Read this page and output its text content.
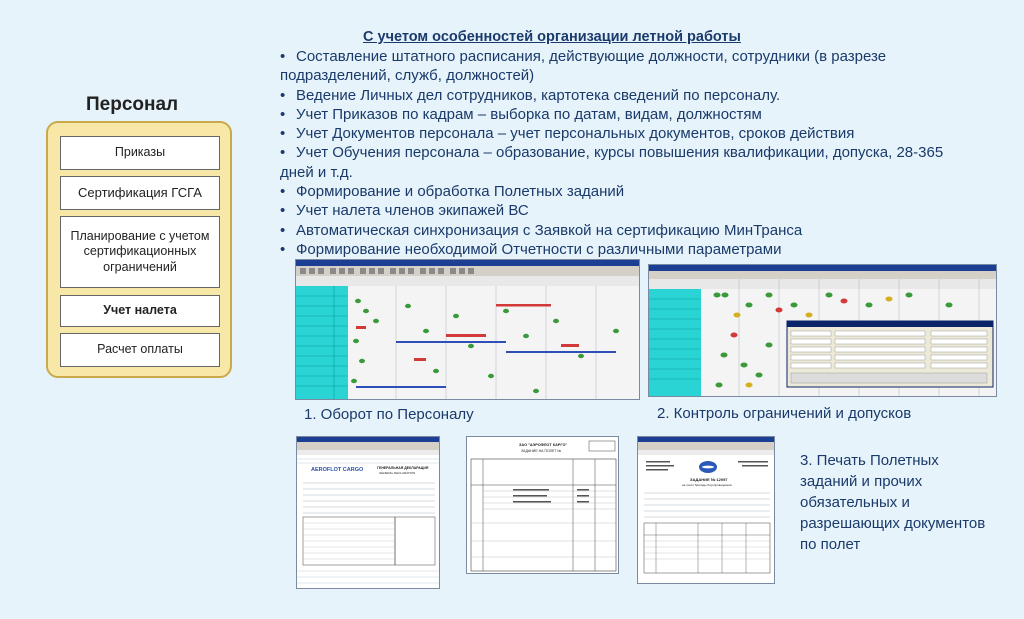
Персонал
Приказы
Сертификация ГСГА
Планирование с учетом сертификационных ограничений
Учет налета
Расчет оплаты
С учетом особенностей организации летной работы
• Составление штатного расписания, действующие должности, сотрудники (в разрезе подразделений, служб, должностей)
• Ведение Личных дел сотрудников, картотека сведений по персоналу.
• Учет Приказов по кадрам – выборка по датам, видам, должностям
• Учет Документов персонала – учет персональных документов, сроков действия
• Учет Обучения персонала – образование, курсы повышения квалификации, допуска, 28-365 дней и т.д.
• Формирование и обработка Полетных заданий
• Учет налета членов экипажей ВС
• Автоматическая синхронизация с Заявкой на сертификацию МинТранса
• Формирование необходимой Отчетности с различными параметрами
1. Оборот по Персоналу	2. Контроль ограничений и допусков
AEROFLOT CARGO	ГЕНЕРАЛЬНАЯ ДЕКЛАРАЦИЯ
GENERAL DECLARATION
ЗАО "АЭРОФЛОТ КАРГО"
ЗАДАНИЕ НА ПОЛЕТ №
ЗАДАНИЕ № 12097
на полет бригады бортпроводников
3. Печать Полетных заданий и прочих обязательных и разрешающих документов по полет
